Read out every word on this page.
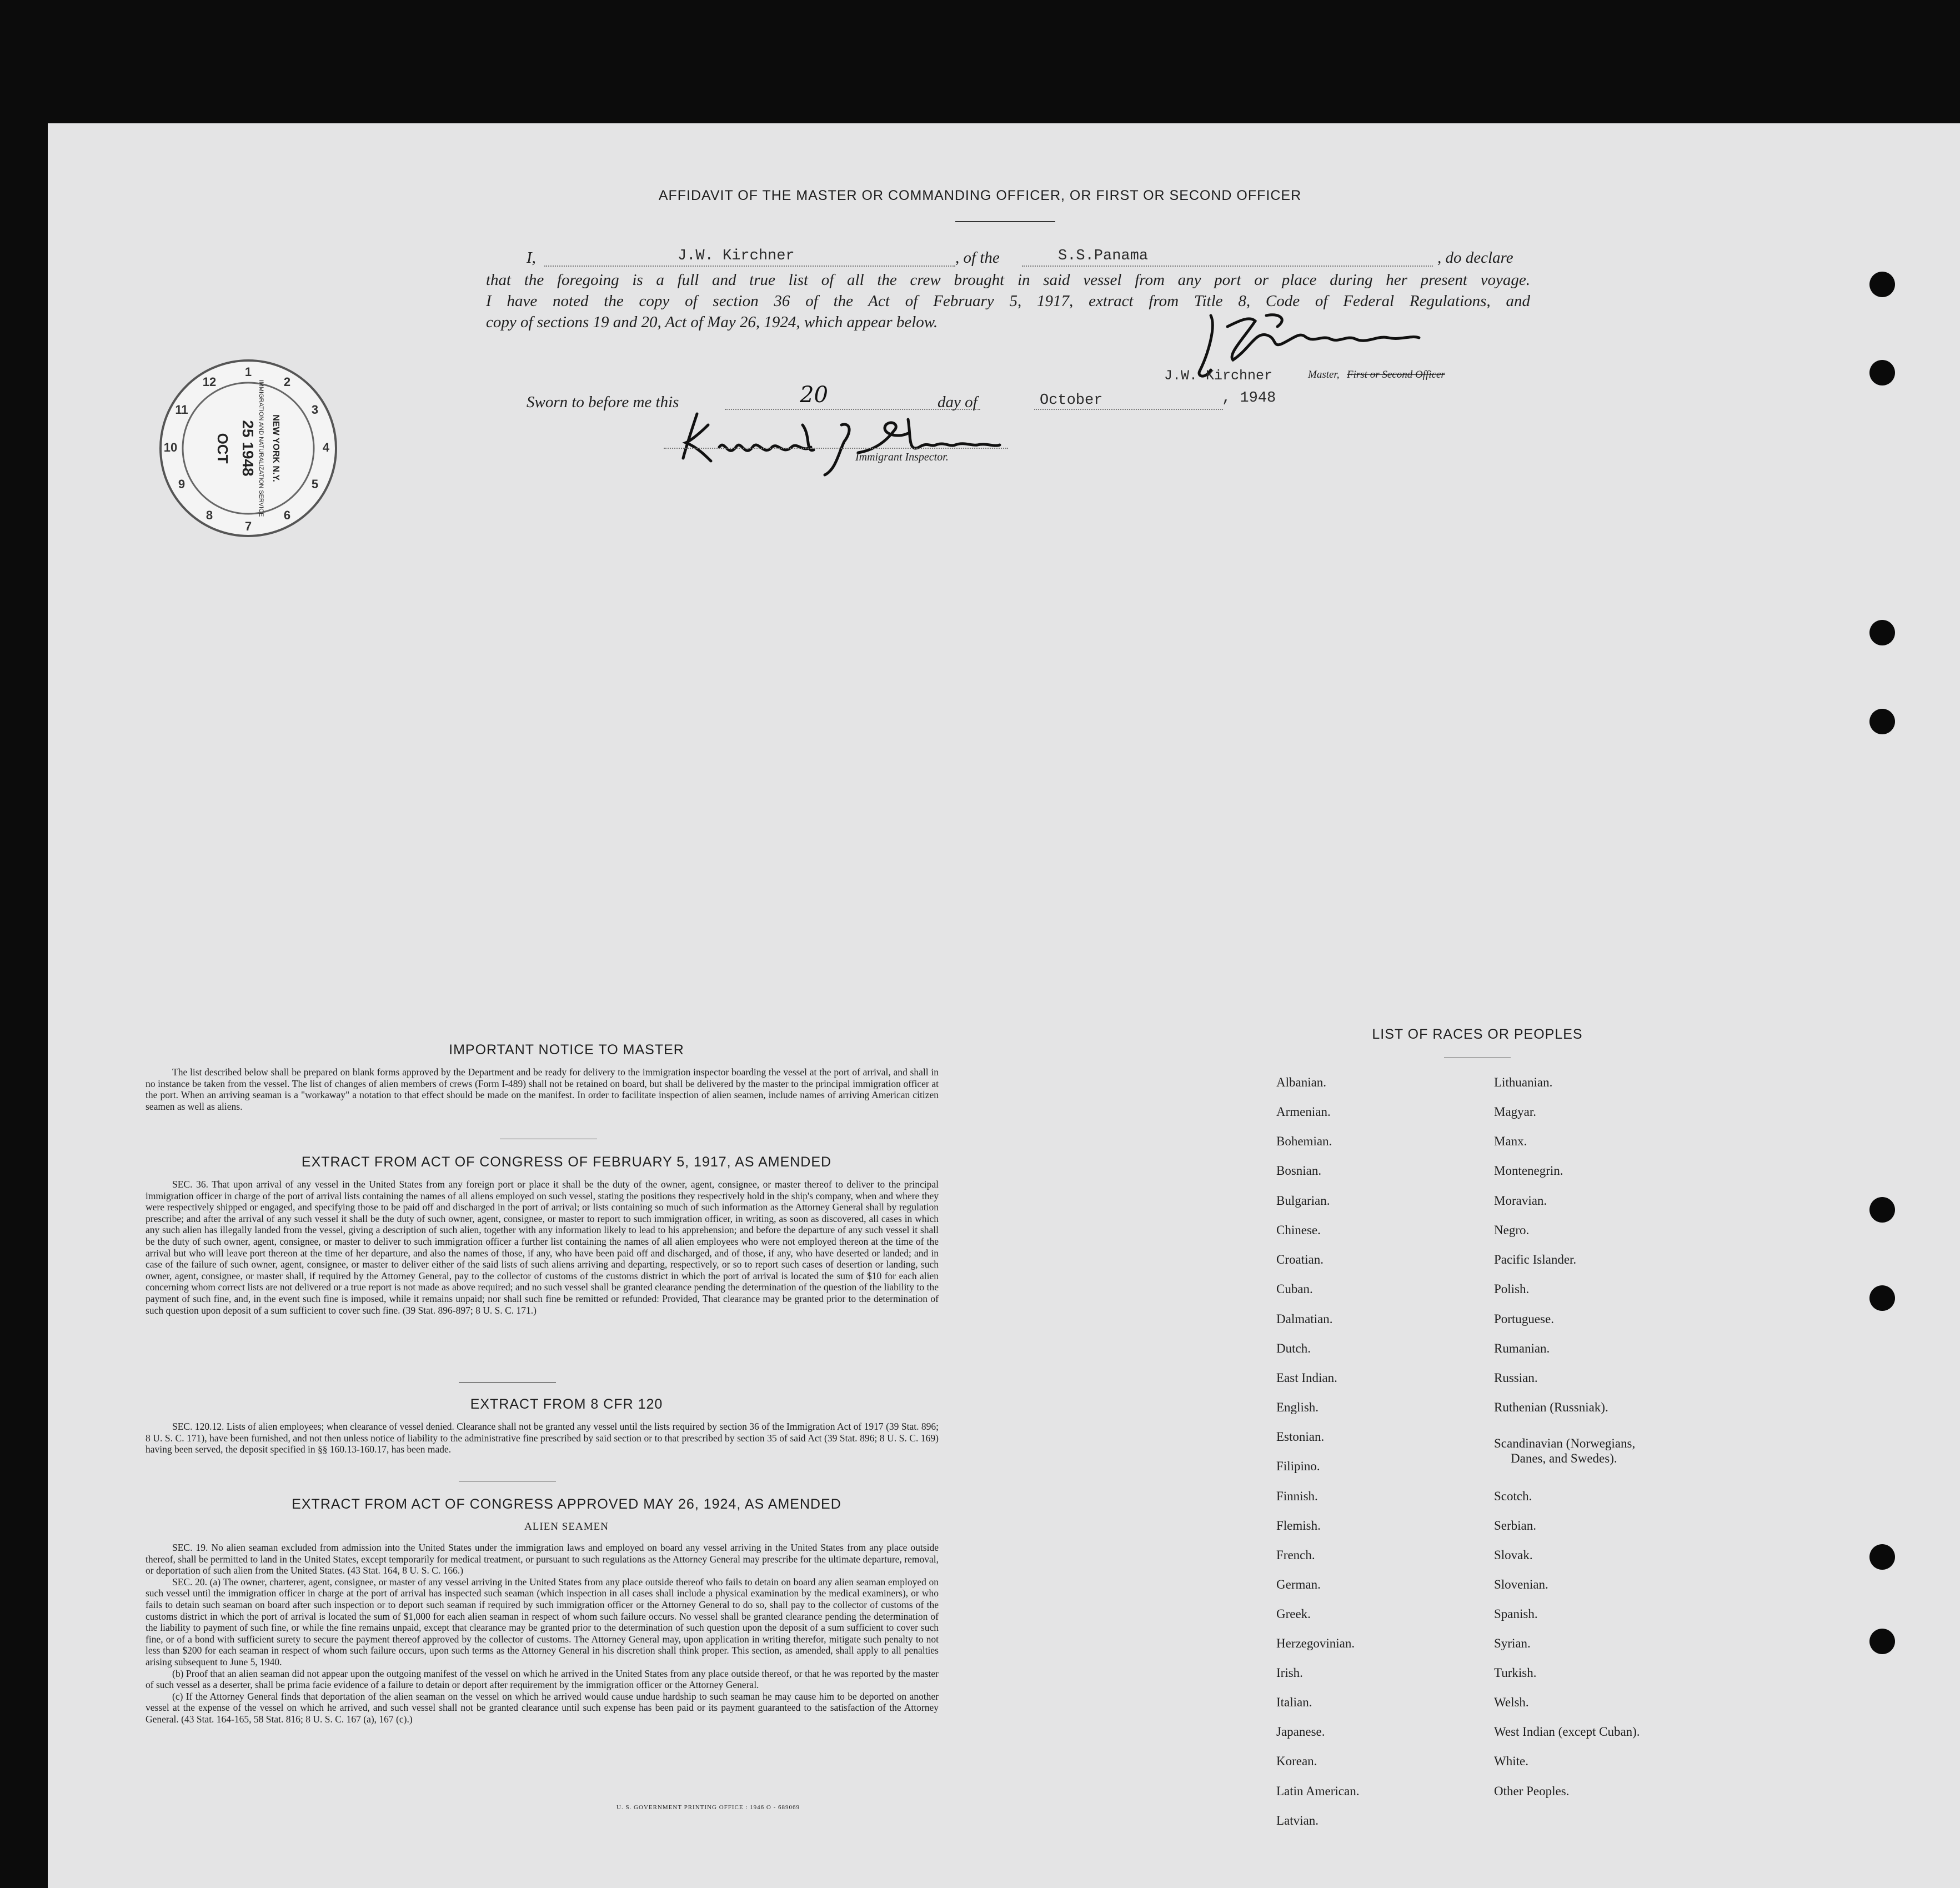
AFFIDAVIT OF THE MASTER OR COMMANDING OFFICER, OR FIRST OR SECOND OFFICER
I,	J.W. Kirchner	, of the	S.S.Panama	, do declare
that the foregoing is a full and true list of all the crew brought in said vessel from any port or place during her present voyage.
I have noted the copy of section 36 of the Act of February 5, 1917, extract from Title 8, Code of Federal Regulations, and
copy of sections 19 and 20, Act of May 26, 1924, which appear below.
J.W. Kirchner	Master, First or Second Officer
Sworn to before me this	20	day of	October	, 1948
Immigrant Inspector.
1
2
3
4
5
6
7
8
9
10
11
12
OCT 25 1948 IMMIGRATION AND NATURALIZATION SERVICE NEW YORK N.Y.
IMPORTANT NOTICE TO MASTER

The list described below shall be prepared on blank forms approved by the Department and be ready for delivery to the immigration inspector boarding the vessel at the port of arrival, and shall in no instance be taken from the vessel. The list of changes of alien members of crews (Form I-489) shall not be retained on board, but shall be delivered by the master to the principal immigration officer at the port. When an arriving seaman is a "workaway" a notation to that effect should be made on the manifest. In order to facilitate inspection of alien seamen, include names of arriving American citizen seamen as well as aliens.

EXTRACT FROM ACT OF CONGRESS OF FEBRUARY 5, 1917, AS AMENDED

SEC. 36. That upon arrival of any vessel in the United States from any foreign port or place it shall be the duty of the owner, agent, consignee, or master thereof to deliver to the principal immigration officer in charge of the port of arrival lists containing the names of all aliens employed on such vessel, stating the positions they respectively hold in the ship's company, when and where they were respectively shipped or engaged, and specifying those to be paid off and discharged in the port of arrival; or lists containing so much of such information as the Attorney General shall by regulation prescribe; and after the arrival of any such vessel it shall be the duty of such owner, agent, consignee, or master to report to such immigration officer, in writing, as soon as discovered, all cases in which any such alien has illegally landed from the vessel, giving a description of such alien, together with any information likely to lead to his apprehension; and before the departure of any such vessel it shall be the duty of such owner, agent, consignee, or master to deliver to such immigration officer a further list containing the names of all alien employees who were not employed thereon at the time of the arrival but who will leave port thereon at the time of her departure, and also the names of those, if any, who have been paid off and discharged, and of those, if any, who have deserted or landed; and in case of the failure of such owner, agent, consignee, or master to deliver either of the said lists of such aliens arriving and departing, respectively, or so to report such cases of desertion or landing, such owner, agent, consignee, or master shall, if required by the Attorney General, pay to the collector of customs of the customs district in which the port of arrival is located the sum of $10 for each alien concerning whom correct lists are not delivered or a true report is not made as above required; and no such vessel shall be granted clearance pending the determination of the question of the liability to the payment of such fine, and, in the event such fine is imposed, while it remains unpaid; nor shall such fine be remitted or refunded: Provided, That clearance may be granted prior to the determination of such question upon deposit of a sum sufficient to cover such fine. (39 Stat. 896-897; 8 U. S. C. 171.)

EXTRACT FROM 8 CFR 120

SEC. 120.12. Lists of alien employees; when clearance of vessel denied. Clearance shall not be granted any vessel until the lists required by section 36 of the Immigration Act of 1917 (39 Stat. 896; 8 U. S. C. 171), have been furnished, and not then unless notice of liability to the administrative fine prescribed by said section or to that prescribed by section 35 of said Act (39 Stat. 896; 8 U. S. C. 169) having been served, the deposit specified in §§ 160.13-160.17, has been made.

EXTRACT FROM ACT OF CONGRESS APPROVED MAY 26, 1924, AS AMENDED
ALIEN SEAMEN

SEC. 19. No alien seaman excluded from admission into the United States under the immigration laws and employed on board any vessel arriving in the United States from any place outside thereof, shall be permitted to land in the United States, except temporarily for medical treatment, or pursuant to such regulations as the Attorney General may prescribe for the ultimate departure, removal, or deportation of such alien from the United States. (43 Stat. 164, 8 U. S. C. 166.)

SEC. 20. (a) The owner, charterer, agent, consignee, or master of any vessel arriving in the United States from any place outside thereof who fails to detain on board any alien seaman employed on such vessel until the immigration officer in charge at the port of arrival has inspected such seaman (which inspection in all cases shall include a physical examination by the medical examiners), or who fails to detain such seaman on board after such inspection or to deport such seaman if required by such immigration officer or the Attorney General to do so, shall pay to the collector of customs of the customs district in which the port of arrival is located the sum of $1,000 for each alien seaman in respect of whom such failure occurs. No vessel shall be granted clearance pending the determination of the liability to payment of such fine, or while the fine remains unpaid, except that clearance may be granted prior to the determination of such question upon the deposit of a sum sufficient to cover such fine, or of a bond with sufficient surety to secure the payment thereof approved by the collector of customs. The Attorney General may, upon application in writing therefor, mitigate such penalty to not less than $200 for each seaman in respect of whom such failure occurs, upon such terms as the Attorney General in his discretion shall think proper. This section, as amended, shall apply to all penalties arising subsequent to June 5, 1940.

(b) Proof that an alien seaman did not appear upon the outgoing manifest of the vessel on which he arrived in the United States from any place outside thereof, or that he was reported by the master of such vessel as a deserter, shall be prima facie evidence of a failure to detain or deport after requirement by the immigration officer or the Attorney General.

(c) If the Attorney General finds that deportation of the alien seaman on the vessel on which he arrived would cause undue hardship to such seaman he may cause him to be deported on another vessel at the expense of the vessel on which he arrived, and such vessel shall not be granted clearance until such expense has been paid or its payment guaranteed to the satisfaction of the Attorney General. (43 Stat. 164-165, 58 Stat. 816; 8 U. S. C. 167 (a), 167 (c).)

U. S. GOVERNMENT PRINTING OFFICE : 1946 O - 689069
LIST OF RACES OR PEOPLES
Albanian.
Armenian.
Bohemian.
Bosnian.
Bulgarian.
Chinese.
Croatian.
Cuban.
Dalmatian.
Dutch.
East Indian.
English.
Estonian.
Filipino.
Finnish.
Flemish.
French.
German.
Greek.
Herzegovinian.
Irish.
Italian.
Japanese.
Korean.
Latin American.
Latvian.
Lithuanian.
Magyar.
Manx.
Montenegrin.
Moravian.
Negro.
Pacific Islander.
Polish.
Portuguese.
Rumanian.
Russian.
Ruthenian (Russniak).
Scandinavian (Norwegians,
Danes, and Swedes).
Scotch.
Serbian.
Slovak.
Slovenian.
Spanish.
Syrian.
Turkish.
Welsh.
West Indian (except Cuban).
White.
Other Peoples.
